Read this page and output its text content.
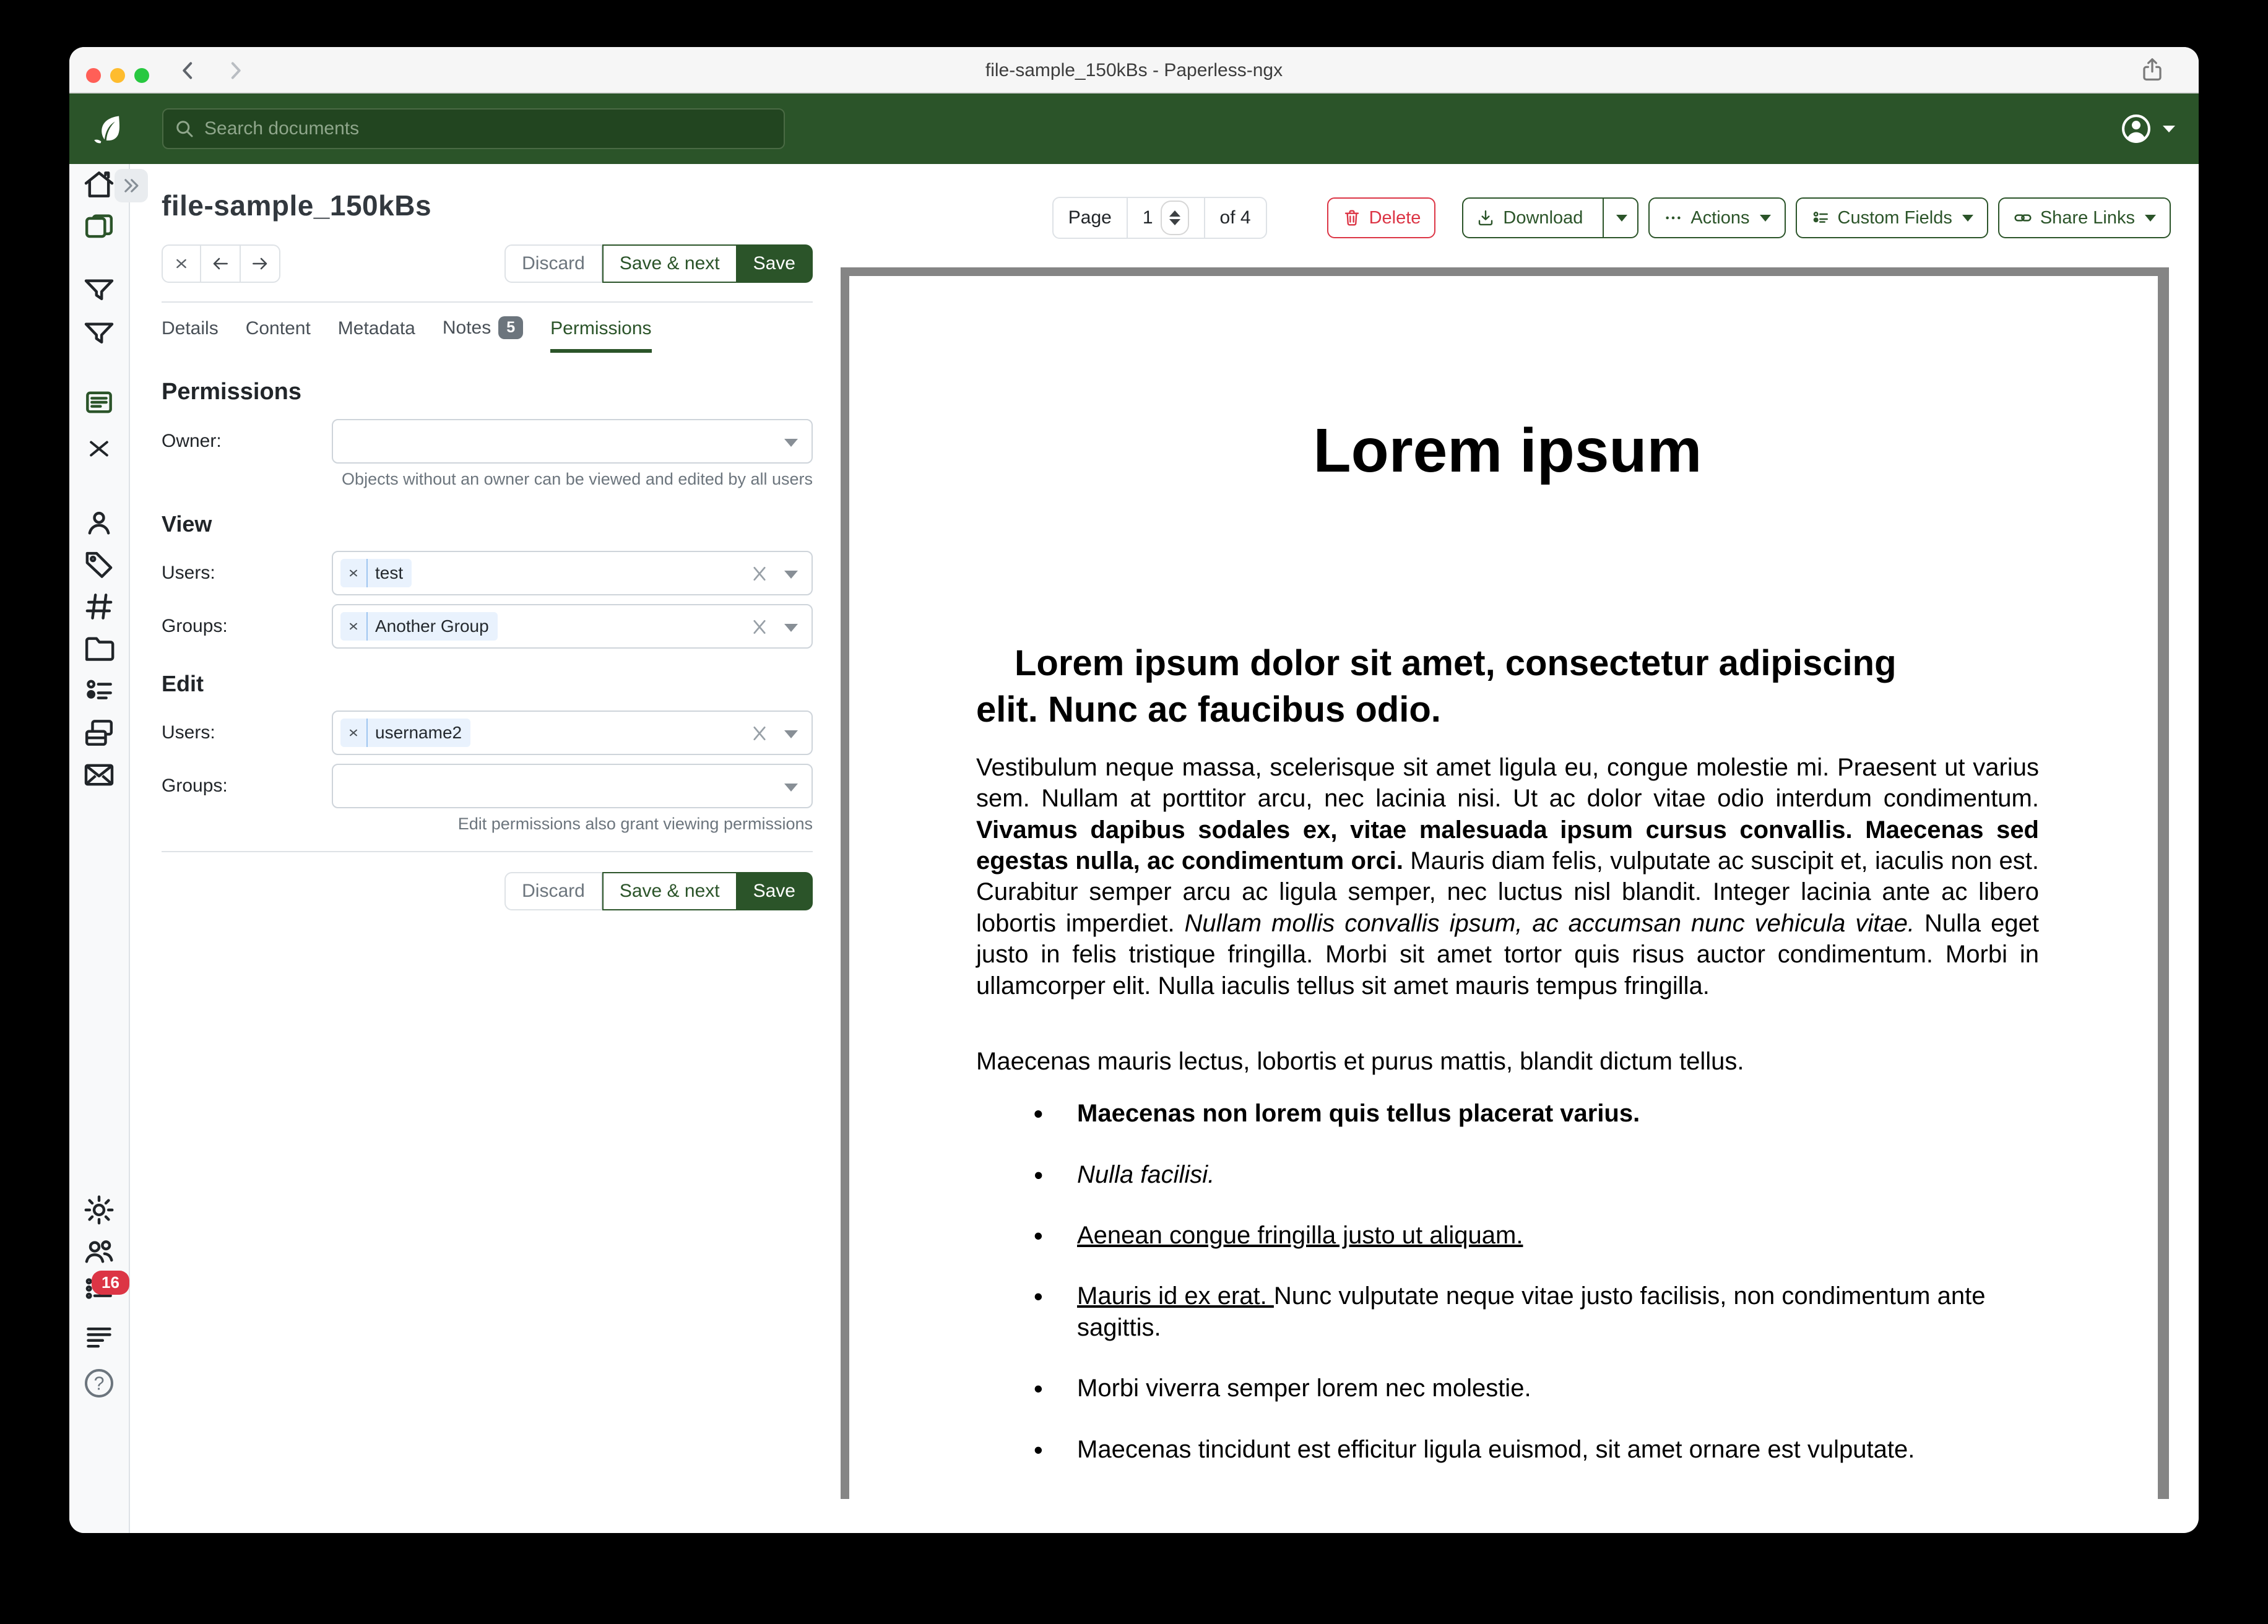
file-sample_150kBs - Paperless-ngx
Search documents
16
?
file-sample_150kBs
Discard	Save & next	Save
Details Content Metadata Notes	5	Permissions
Permissions
Owner:
Objects without an owner can be viewed and edited by all users
View
Users:	test
Groups:	Another Group
Edit
Users:	username2
Groups:
Edit permissions also grant viewing permissions
Discard	Save & next	Save
Page	1	of 4	Delete	Download	Actions	Custom Fields	Share Links
Lorem ipsum
Lorem ipsum dolor sit amet, consectetur adipiscing
elit. Nunc ac faucibus odio.

Vestibulum neque massa, scelerisque sit amet ligula eu, congue molestie mi. Praesent ut varius sem. Nullam at porttitor arcu, nec lacinia nisi. Ut ac dolor vitae odio interdum condimentum. Vivamus dapibus sodales ex, vitae malesuada ipsum cursus convallis. Maecenas sed egestas nulla, ac condimentum orci. Mauris diam felis, vulputate ac suscipit et, iaculis non est. Curabitur semper arcu ac ligula semper, nec luctus nisl blandit. Integer lacinia ante ac libero lobortis imperdiet. Nullam mollis convallis ipsum, ac accumsan nunc vehicula vitae. Nulla eget justo in felis tristique fringilla. Morbi sit amet tortor quis risus auctor condimentum. Morbi in ullamcorper elit. Nulla iaculis tellus sit amet mauris tempus fringilla.

Maecenas mauris lectus, lobortis et purus mattis, blandit dictum tellus.

• Maecenas non lorem quis tellus placerat varius.
• Nulla facilisi.
• Aenean congue fringilla justo ut aliquam.
• Mauris id ex erat. Nunc vulputate neque vitae justo facilisis, non condimentum ante sagittis.
• Morbi viverra semper lorem nec molestie.
• Maecenas tincidunt est efficitur ligula euismod, sit amet ornare est vulputate.
